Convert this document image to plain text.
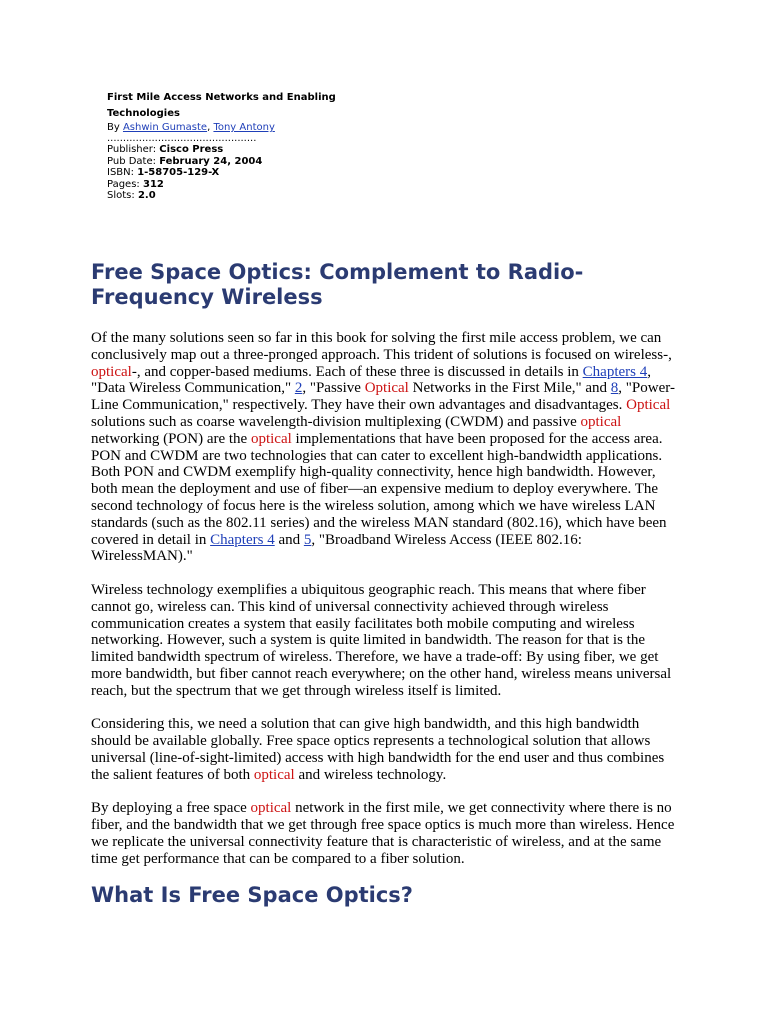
First Mile Access Networks and Enabling Technologies
By Ashwin Gumaste, Tony Antony
...............................................
Publisher: Cisco Press
Pub Date: February 24, 2004
ISBN: 1-58705-129-X
Pages: 312
Slots: 2.0
Free Space Optics: Complement to Radio-Frequency Wireless

Of the many solutions seen so far in this book for solving the first mile access problem, we can conclusively map out a three-pronged approach. This trident of solutions is focused on wireless-, optical-, and copper-based mediums. Each of these three is discussed in details in Chapters 4, "Data Wireless Communication," 2, "Passive Optical Networks in the First Mile," and 8, "Power-Line Communication," respectively. They have their own advantages and disadvantages. Optical solutions such as coarse wavelength-division multiplexing (CWDM) and passive optical networking (PON) are the optical implementations that have been proposed for the access area. PON and CWDM are two technologies that can cater to excellent high-bandwidth applications. Both PON and CWDM exemplify high-quality connectivity, hence high bandwidth. However, both mean the deployment and use of fiber—an expensive medium to deploy everywhere. The second technology of focus here is the wireless solution, among which we have wireless LAN standards (such as the 802.11 series) and the wireless MAN standard (802.16), which have been covered in detail in Chapters 4 and 5, "Broadband Wireless Access (IEEE 802.16: WirelessMAN)."

Wireless technology exemplifies a ubiquitous geographic reach. This means that where fiber cannot go, wireless can. This kind of universal connectivity achieved through wireless communication creates a system that easily facilitates both mobile computing and wireless networking. However, such a system is quite limited in bandwidth. The reason for that is the limited bandwidth spectrum of wireless. Therefore, we have a trade-off: By using fiber, we get more bandwidth, but fiber cannot reach everywhere; on the other hand, wireless means universal reach, but the spectrum that we get through wireless itself is limited.

Considering this, we need a solution that can give high bandwidth, and this high bandwidth should be available globally. Free space optics represents a technological solution that allows universal (line-of-sight-limited) access with high bandwidth for the end user and thus combines the salient features of both optical and wireless technology.

By deploying a free space optical network in the first mile, we get connectivity where there is no fiber, and the bandwidth that we get through free space optics is much more than wireless. Hence we replicate the universal connectivity feature that is characteristic of wireless, and at the same time get performance that can be compared to a fiber solution.

What Is Free Space Optics?
